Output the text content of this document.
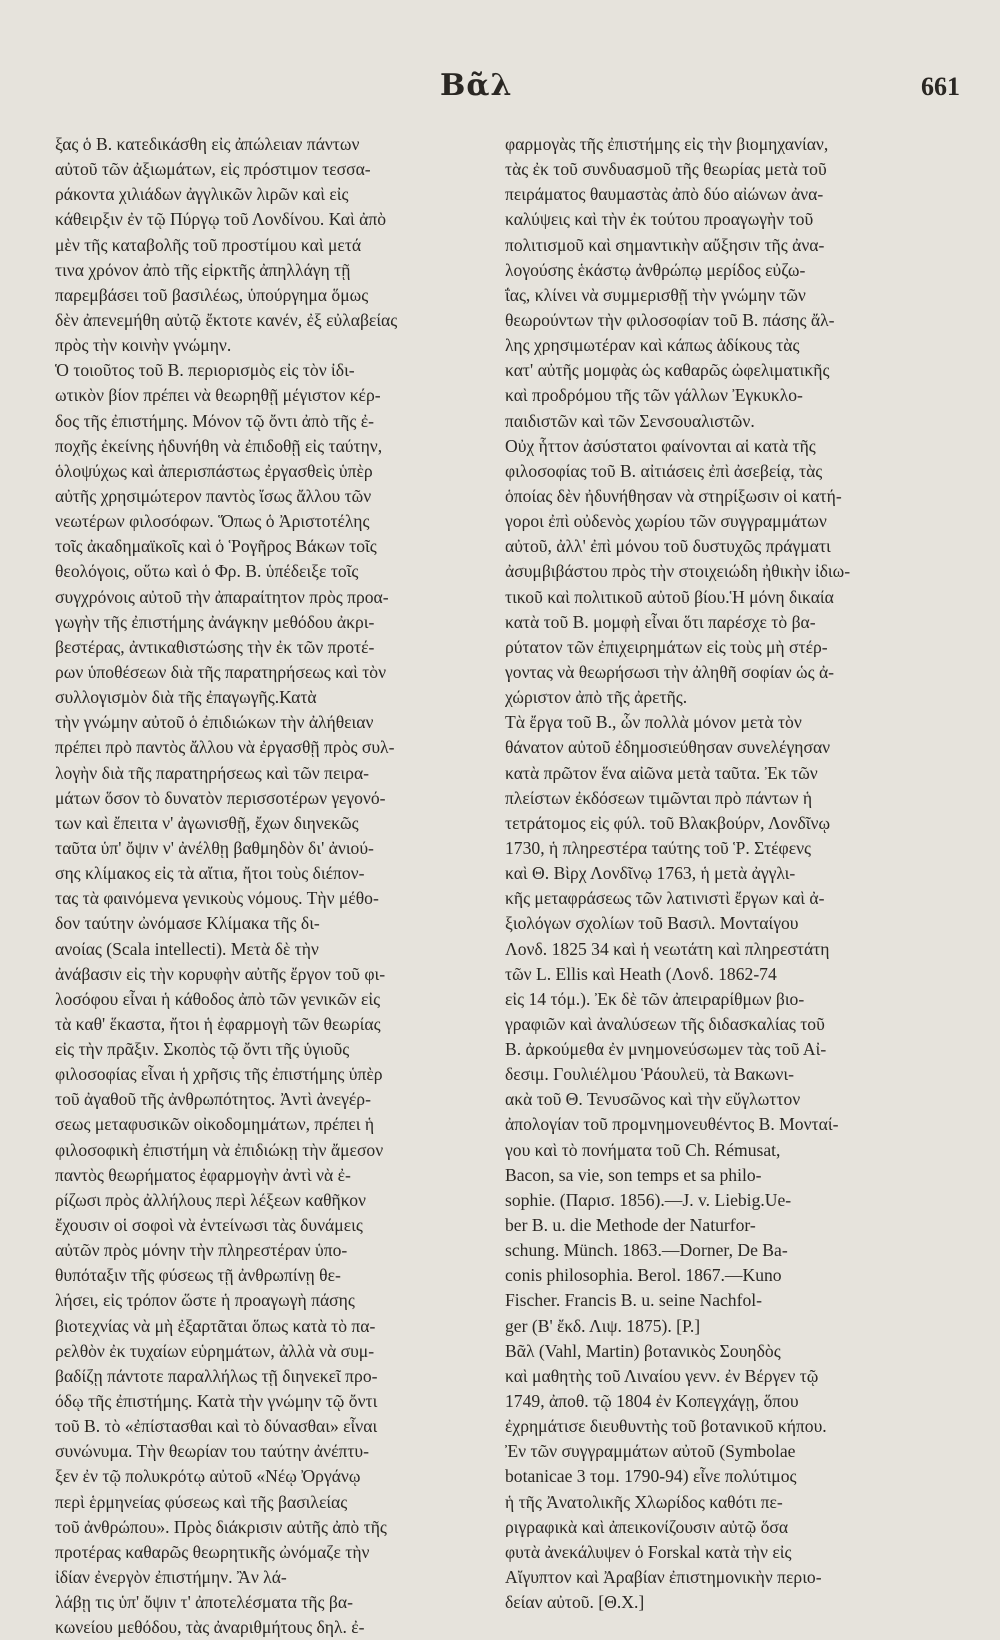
Βᾶλ	661
ξας ὁ Β. κατεδικάσθη εἰς ἀπώλειαν πάντων
αὐτοῦ τῶν ἀξιωμάτων, εἰς πρόστιμον τεσσα-
ράκοντα χιλιάδων ἀγγλικῶν λιρῶν καὶ εἰς
κάθειρξιν ἐν τῷ Πύργῳ τοῦ Λονδίνου. Καὶ ἀπὸ
μὲν τῆς καταβολῆς τοῦ προστίμου καὶ μετά
τινα χρόνον ἀπὸ τῆς εἱρκτῆς ἀπηλλάγη τῇ
παρεμβάσει τοῦ βασιλέως, ὑπούργημα ὅμως
δὲν ἀπενεμήθη αὐτῷ ἔκτοτε κανέν, ἐξ εὐλαβείας
πρὸς τὴν κοινὴν γνώμην.
Ὁ τοιοῦτος τοῦ Β. περιορισμὸς εἰς τὸν ἰδι-
ωτικὸν βίον πρέπει νὰ θεωρηθῇ μέγιστον κέρ-
δος τῆς ἐπιστήμης. Μόνον τῷ ὄντι ἀπὸ τῆς ἐ-
ποχῆς ἐκείνης ἠδυνήθη νὰ ἐπιδοθῇ εἰς ταύτην,
ὁλοψύχως καὶ ἀπερισπάστως ἐργασθεὶς ὑπὲρ
αὐτῆς χρησιμώτερον παντὸς ἴσως ἄλλου τῶν
νεωτέρων φιλοσόφων. Ὅπως ὁ Ἀριστοτέλης
τοῖς ἀκαδημαϊκοῖς καὶ ὁ Ῥογῆρος Βάκων τοῖς
θεολόγοις, οὕτω καὶ ὁ Φρ. Β. ὑπέδειξε τοῖς
συγχρόνοις αὐτοῦ τὴν ἀπαραίτητον πρὸς προα-
γωγὴν τῆς ἐπιστήμης ἀνάγκην μεθόδου ἀκρι-
βεστέρας, ἀντικαθιστώσης τὴν ἐκ τῶν προτέ-
ρων ὑποθέσεων διὰ τῆς παρατηρήσεως καὶ τὸν
συλλογισμὸν διὰ τῆς ἐπαγωγῆς.Κατὰ
τὴν γνώμην αὐτοῦ ὁ ἐπιδιώκων τὴν ἀλήθειαν
πρέπει πρὸ παντὸς ἄλλου νὰ ἐργασθῇ πρὸς συλ-
λογὴν διὰ τῆς παρατηρήσεως καὶ τῶν πειρα-
μάτων ὅσον τὸ δυνατὸν περισσοτέρων γεγονό-
των καὶ ἔπειτα ν' ἀγωνισθῇ, ἔχων διηνεκῶς
ταῦτα ὑπ' ὄψιν ν' ἀνέλθῃ βαθμηδὸν δι' ἀνιού-
σης κλίμακος εἰς τὰ αἴτια, ἤτοι τοὺς διέπον-
τας τὰ φαινόμενα γενικοὺς νόμους. Τὴν μέθο-
δον ταύτην ὠνόμασε Κλίμακα τῆς δι-
ανοίας (Scala intellecti). Μετὰ δὲ τὴν
ἀνάβασιν εἰς τὴν κορυφὴν αὐτῆς ἔργον τοῦ φι-
λοσόφου εἶναι ἡ κάθοδος ἀπὸ τῶν γενικῶν εἰς
τὰ καθ' ἕκαστα, ἤτοι ἡ ἐφαρμογὴ τῶν θεωρίας
εἰς τὴν πρᾶξιν. Σκοπὸς τῷ ὄντι τῆς ὑγιοῦς
φιλοσοφίας εἶναι ἡ χρῆσις τῆς ἐπιστήμης ὑπὲρ
τοῦ ἀγαθοῦ τῆς ἀνθρωπότητος. Ἀντὶ ἀνεγέρ-
σεως μεταφυσικῶν οἰκοδομημάτων, πρέπει ἡ
φιλοσοφικὴ ἐπιστήμη νὰ ἐπιδιώκῃ τὴν ἄμεσον
παντὸς θεωρήματος ἐφαρμογὴν ἀντὶ νὰ ἐ-
ρίζωσι πρὸς ἀλλήλους περὶ λέξεων καθῆκον
ἔχουσιν οἱ σοφοὶ νὰ ἐντείνωσι τὰς δυνάμεις
αὐτῶν πρὸς μόνην τὴν πληρεστέραν ὑπο-
θυπόταξιν τῆς φύσεως τῇ ἀνθρωπίνῃ θε-
λήσει, εἰς τρόπον ὥστε ἡ προαγωγὴ πάσης
βιοτεχνίας νὰ μὴ ἐξαρτᾶται ὅπως κατὰ τὸ πα-
ρελθὸν ἐκ τυχαίων εὑρημάτων, ἀλλὰ νὰ συμ-
βαδίζῃ πάντοτε παραλλήλως τῇ διηνεκεῖ προ-
όδῳ τῆς ἐπιστήμης. Κατὰ τὴν γνώμην τῷ ὄντι
τοῦ Β. τὸ «ἐπίστασθαι καὶ τὸ δύνασθαι» εἶναι
συνώνυμα. Τὴν θεωρίαν του ταύτην ἀνέπτυ-
ξεν ἐν τῷ πολυκρότῳ αὐτοῦ «Νέῳ Ὀργάνῳ
περὶ ἑρμηνείας φύσεως καὶ τῆς βασιλείας
τοῦ ἀνθρώπου». Πρὸς διάκρισιν αὐτῆς ἀπὸ τῆς
προτέρας καθαρῶς θεωρητικῆς ὠνόμαζε τὴν
ἰδίαν ἐνεργὸν ἐπιστήμην. Ἂν λά-
λάβῃ τις ὑπ' ὄψιν τ' ἀποτελέσματα τῆς βα-
κωνείου μεθόδου, τὰς ἀναριθμήτους δηλ. ἐ-
φαρμογὰς τῆς ἐπιστήμης εἰς τὴν βιομηχανίαν,
τὰς ἐκ τοῦ συνδυασμοῦ τῆς θεωρίας μετὰ τοῦ
πειράματος θαυμαστὰς ἀπὸ δύο αἰώνων ἀνα-
καλύψεις καὶ τὴν ἐκ τούτου προαγωγὴν τοῦ
πολιτισμοῦ καὶ σημαντικὴν αὔξησιν τῆς ἀνα-
λογούσης ἑκάστῳ ἀνθρώπῳ μερίδος εὐζω-
ΐας, κλίνει νὰ συμμερισθῇ τὴν γνώμην τῶν
θεωρούντων τὴν φιλοσοφίαν τοῦ Β. πάσης ἄλ-
λης χρησιμωτέραν καὶ κάπως ἀδίκους τὰς
κατ' αὐτῆς μομφὰς ὡς καθαρῶς ὠφελιματικῆς
καὶ προδρόμου τῆς τῶν γάλλων Ἐγκυκλο-
παιδιστῶν καὶ τῶν Σενσουαλιστῶν.
Οὐχ ἧττον ἀσύστατοι φαίνονται αἱ κατὰ τῆς
φιλοσοφίας τοῦ Β. αἰτιάσεις ἐπὶ ἀσεβείᾳ, τὰς
ὁποίας δὲν ἠδυνήθησαν νὰ στηρίξωσιν οἱ κατή-
γοροι ἐπὶ οὐδενὸς χωρίου τῶν συγγραμμάτων
αὐτοῦ, ἀλλ' ἐπὶ μόνου τοῦ δυστυχῶς πράγματι
ἀσυμβιβάστου πρὸς τὴν στοιχειώδη ἠθικὴν ἰδιω-
τικοῦ καὶ πολιτικοῦ αὐτοῦ βίου.Ἡ μόνη δικαία
κατὰ τοῦ Β. μομφὴ εἶναι ὅτι παρέσχε τὸ βα-
ρύτατον τῶν ἐπιχειρημάτων εἰς τοὺς μὴ στέρ-
γοντας νὰ θεωρήσωσι τὴν ἀληθῆ σοφίαν ὡς ἀ-
χώριστον ἀπὸ τῆς ἀρετῆς.
Τὰ ἔργα τοῦ Β., ὧν πολλὰ μόνον μετὰ τὸν
θάνατον αὐτοῦ ἐδημοσιεύθησαν συνελέγησαν
κατὰ πρῶτον ἕνα αἰῶνα μετὰ ταῦτα. Ἐκ τῶν
πλείστων ἐκδόσεων τιμῶνται πρὸ πάντων ἡ
τετράτομος εἰς φύλ. τοῦ Βλακβούρν, Λονδῖνῳ
1730, ἡ πληρεστέρα ταύτης τοῦ Ῥ. Στέφενς
καὶ Θ. Βὶρχ Λονδῖνῳ 1763, ἡ μετὰ ἀγγλι-
κῆς μεταφράσεως τῶν λατινιστὶ ἔργων καὶ ἀ-
ξιολόγων σχολίων τοῦ Βασιλ. Μονταίγου
Λονδ. 1825 34 καὶ ἡ νεωτάτη καὶ πληρεστάτη
τῶν L. Ellis καὶ Heath (Λονδ. 1862-74
εἰς 14 τόμ.). Ἐκ δὲ τῶν ἀπειραρίθμων βιο-
γραφιῶν καὶ ἀναλύσεων τῆς διδασκαλίας τοῦ
Β. ἀρκούμεθα ἐν μνημονεύσωμεν τὰς τοῦ Αἰ-
δεσιμ. Γουλιέλμου Ῥάουλεϋ, τὰ Βακωνι-
ακὰ τοῦ Θ. Τενυσῶνος καὶ τὴν εὔγλωττον
ἀπολογίαν τοῦ προμνημονευθέντος Β. Μονταί-
γου καὶ τὸ πονήματα τοῦ Ch. Rémusat,
Bacon, sa vie, son temps et sa philo-
sophie. (Παρισ. 1856).—J. v. Liebig.Ue-
ber B. u. die Methode der Naturfor-
schung. Münch. 1863.—Dorner, De Ba-
conis philosophia. Berol. 1867.—Kuno
Fischer. Francis B. u. seine Nachfol-
ger (Β' ἔκδ. Λιψ. 1875). [P.]
Βᾶλ (Vahl, Martin) βοτανικὸς Σουηδὸς
καὶ μαθητὴς τοῦ Λιναίου γενν. ἐν Βέργεν τῷ
1749, ἀποθ. τῷ 1804 ἐν Κοπεγχάγῃ, ὅπου
ἐχρημάτισε διευθυντὴς τοῦ βοτανικοῦ κήπου.
Ἐν τῶν συγγραμμάτων αὐτοῦ (Symbolae
botanicae 3 τομ. 1790-94) εἶνε πολύτιμος
ἡ τῆς Ἀνατολικῆς Χλωρίδος καθότι πε-
ριγραφικὰ καὶ ἀπεικονίζουσιν αὐτῷ ὅσα
φυτὰ ἀνεκάλυψεν ὁ Forskal κατὰ τὴν εἰς
Αἴγυπτον καὶ Ἀραβίαν ἐπιστημονικὴν περιο-
δείαν αὐτοῦ. [Θ.Χ.]
